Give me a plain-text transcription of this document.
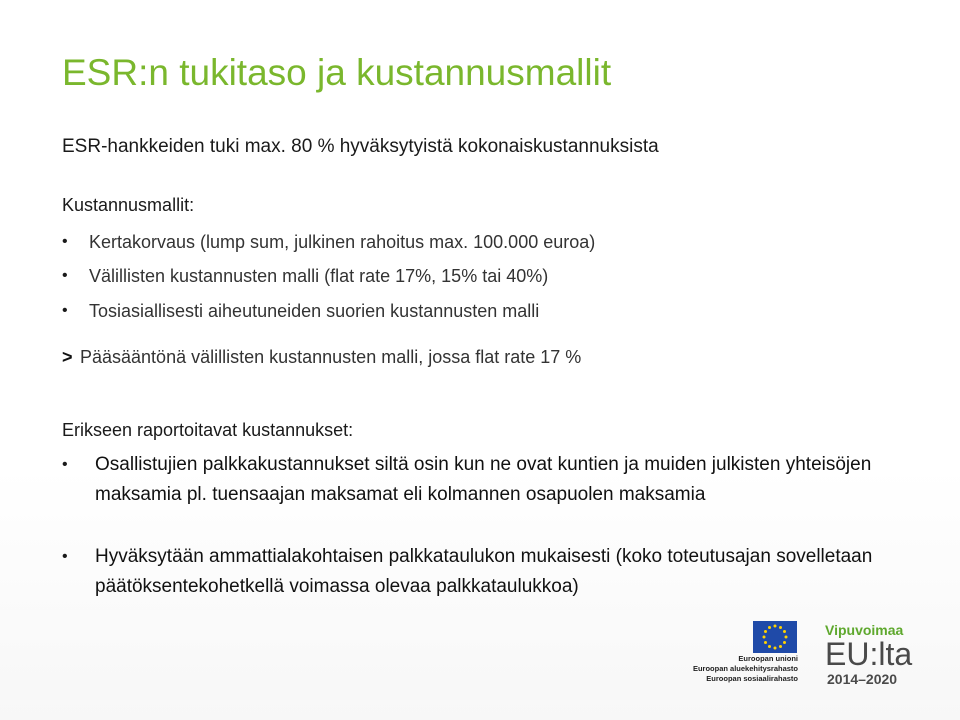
ESR:n tukitaso ja kustannusmallit

ESR-hankkeiden tuki max. 80 % hyväksytyistä kokonaiskustannuksista

Kustannusmallit:

• Kertakorvaus (lump sum, julkinen rahoitus max. 100.000 euroa)

• Välillisten kustannusten malli (flat rate 17%, 15% tai 40%)

• Tosiasiallisesti aiheutuneiden suorien kustannusten malli

> Pääsääntönä välillisten kustannusten malli, jossa flat rate 17 %

Erikseen raportoitavat kustannukset:

• Osallistujien palkkakustannukset siltä osin kun ne ovat kuntien ja muiden julkisten yhteisöjen maksamia pl. tuensaajan maksamat eli kolmannen osapuolen maksamia

• Hyväksytään ammattialakohtaisen palkkataulukon mukaisesti (koko toteutusajan sovelletaan päätöksentekohetkellä voimassa olevaa palkkataulukkoa)

Euroopan unioni

Euroopan aluekehitysrahasto

Euroopan sosiaalirahasto

Vipuvoimaa

EU:lta

2014–2020
